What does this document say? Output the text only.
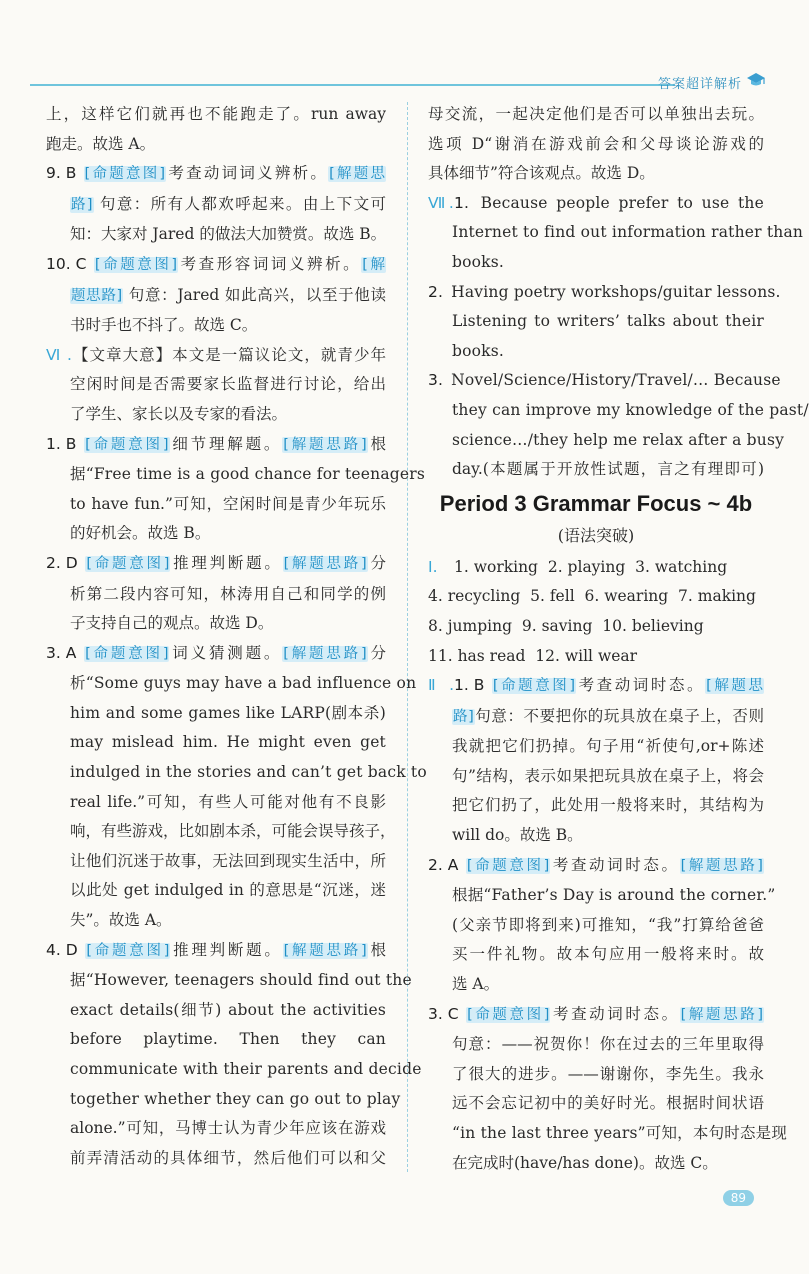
答案超详解析
上，这样它们就再也不能跑走了。run away
跑走。故选 A。
9. B [命题意图]考查动词词义辨析。[解题思
路] 句意：所有人都欢呼起来。由上下文可
知：大家对 Jared 的做法大加赞赏。故选 B。
10. C [命题意图]考查形容词词义辨析。[解
题思路] 句意：Jared 如此高兴，以至于他读
书时手也不抖了。故选 C。
Ⅵ.【文章大意】本文是一篇议论文，就青少年
空闲时间是否需要家长监督进行讨论，给出
了学生、家长以及专家的看法。
1. B [命题意图]细节理解题。[解题思路]根
据“Free time is a good chance for teenagers
to have fun.”可知，空闲时间是青少年玩乐
的好机会。故选 B。
2. D [命题意图]推理判断题。[解题思路]分
析第二段内容可知，林涛用自己和同学的例
子支持自己的观点。故选 D。
3. A [命题意图]词义猜测题。[解题思路]分
析“Some guys may have a bad influence on
him and some games like LARP(剧本杀)
may mislead him. He might even get
indulged in the stories and can’t get back to
real life.”可知，有些人可能对他有不良影
响，有些游戏，比如剧本杀，可能会误导孩子，
让他们沉迷于故事，无法回到现实生活中，所
以此处 get indulged in 的意思是“沉迷，迷
失”。故选 A。
4. D [命题意图]推理判断题。[解题思路]根
据“However, teenagers should find out the
exact details(细节) about the activities
before playtime. Then they can
communicate with their parents and decide
together whether they can go out to play
alone.”可知，马博士认为青少年应该在游戏
前弄清活动的具体细节，然后他们可以和父
母交流，一起决定他们是否可以单独出去玩。
选项 D“谢消在游戏前会和父母谈论游戏的
具体细节”符合该观点。故选 D。
Ⅶ.1. Because people prefer to use the
Internet to find out information rather than
books.
2. Having poetry workshops/guitar lessons.
Listening to writers’ talks about their
books.
3. Novel/Science/History/Travel/… Because
they can improve my knowledge of the past/
science…/they help me relax after a busy
day.(本题属于开放性试题，言之有理即可)
Period 3 Grammar Focus ~ 4b
(语法突破)
Ⅰ. 1. working 2. playing 3. watching
4. recycling 5. fell 6. wearing 7. making
8. jumping 9. saving 10. believing
11. has read 12. will wear
Ⅱ.1. B [命题意图]考查动词时态。[解题思
路]句意：不要把你的玩具放在桌子上，否则
我就把它们扔掉。句子用“祈使句,or+陈述
句”结构，表示如果把玩具放在桌子上，将会
把它们扔了，此处用一般将来时，其结构为
will do。故选 B。
2. A [命题意图]考查动词时态。[解题思路]
根据“Father’s Day is around the corner.”
(父亲节即将到来)可推知，“我”打算给爸爸
买一件礼物。故本句应用一般将来时。故
选 A。
3. C [命题意图]考查动词时态。[解题思路]
句意：——祝贺你！你在过去的三年里取得
了很大的进步。——谢谢你，李先生。我永
远不会忘记初中的美好时光。根据时间状语
“in the last three years”可知，本句时态是现
在完成时(have/has done)。故选 C。
89
